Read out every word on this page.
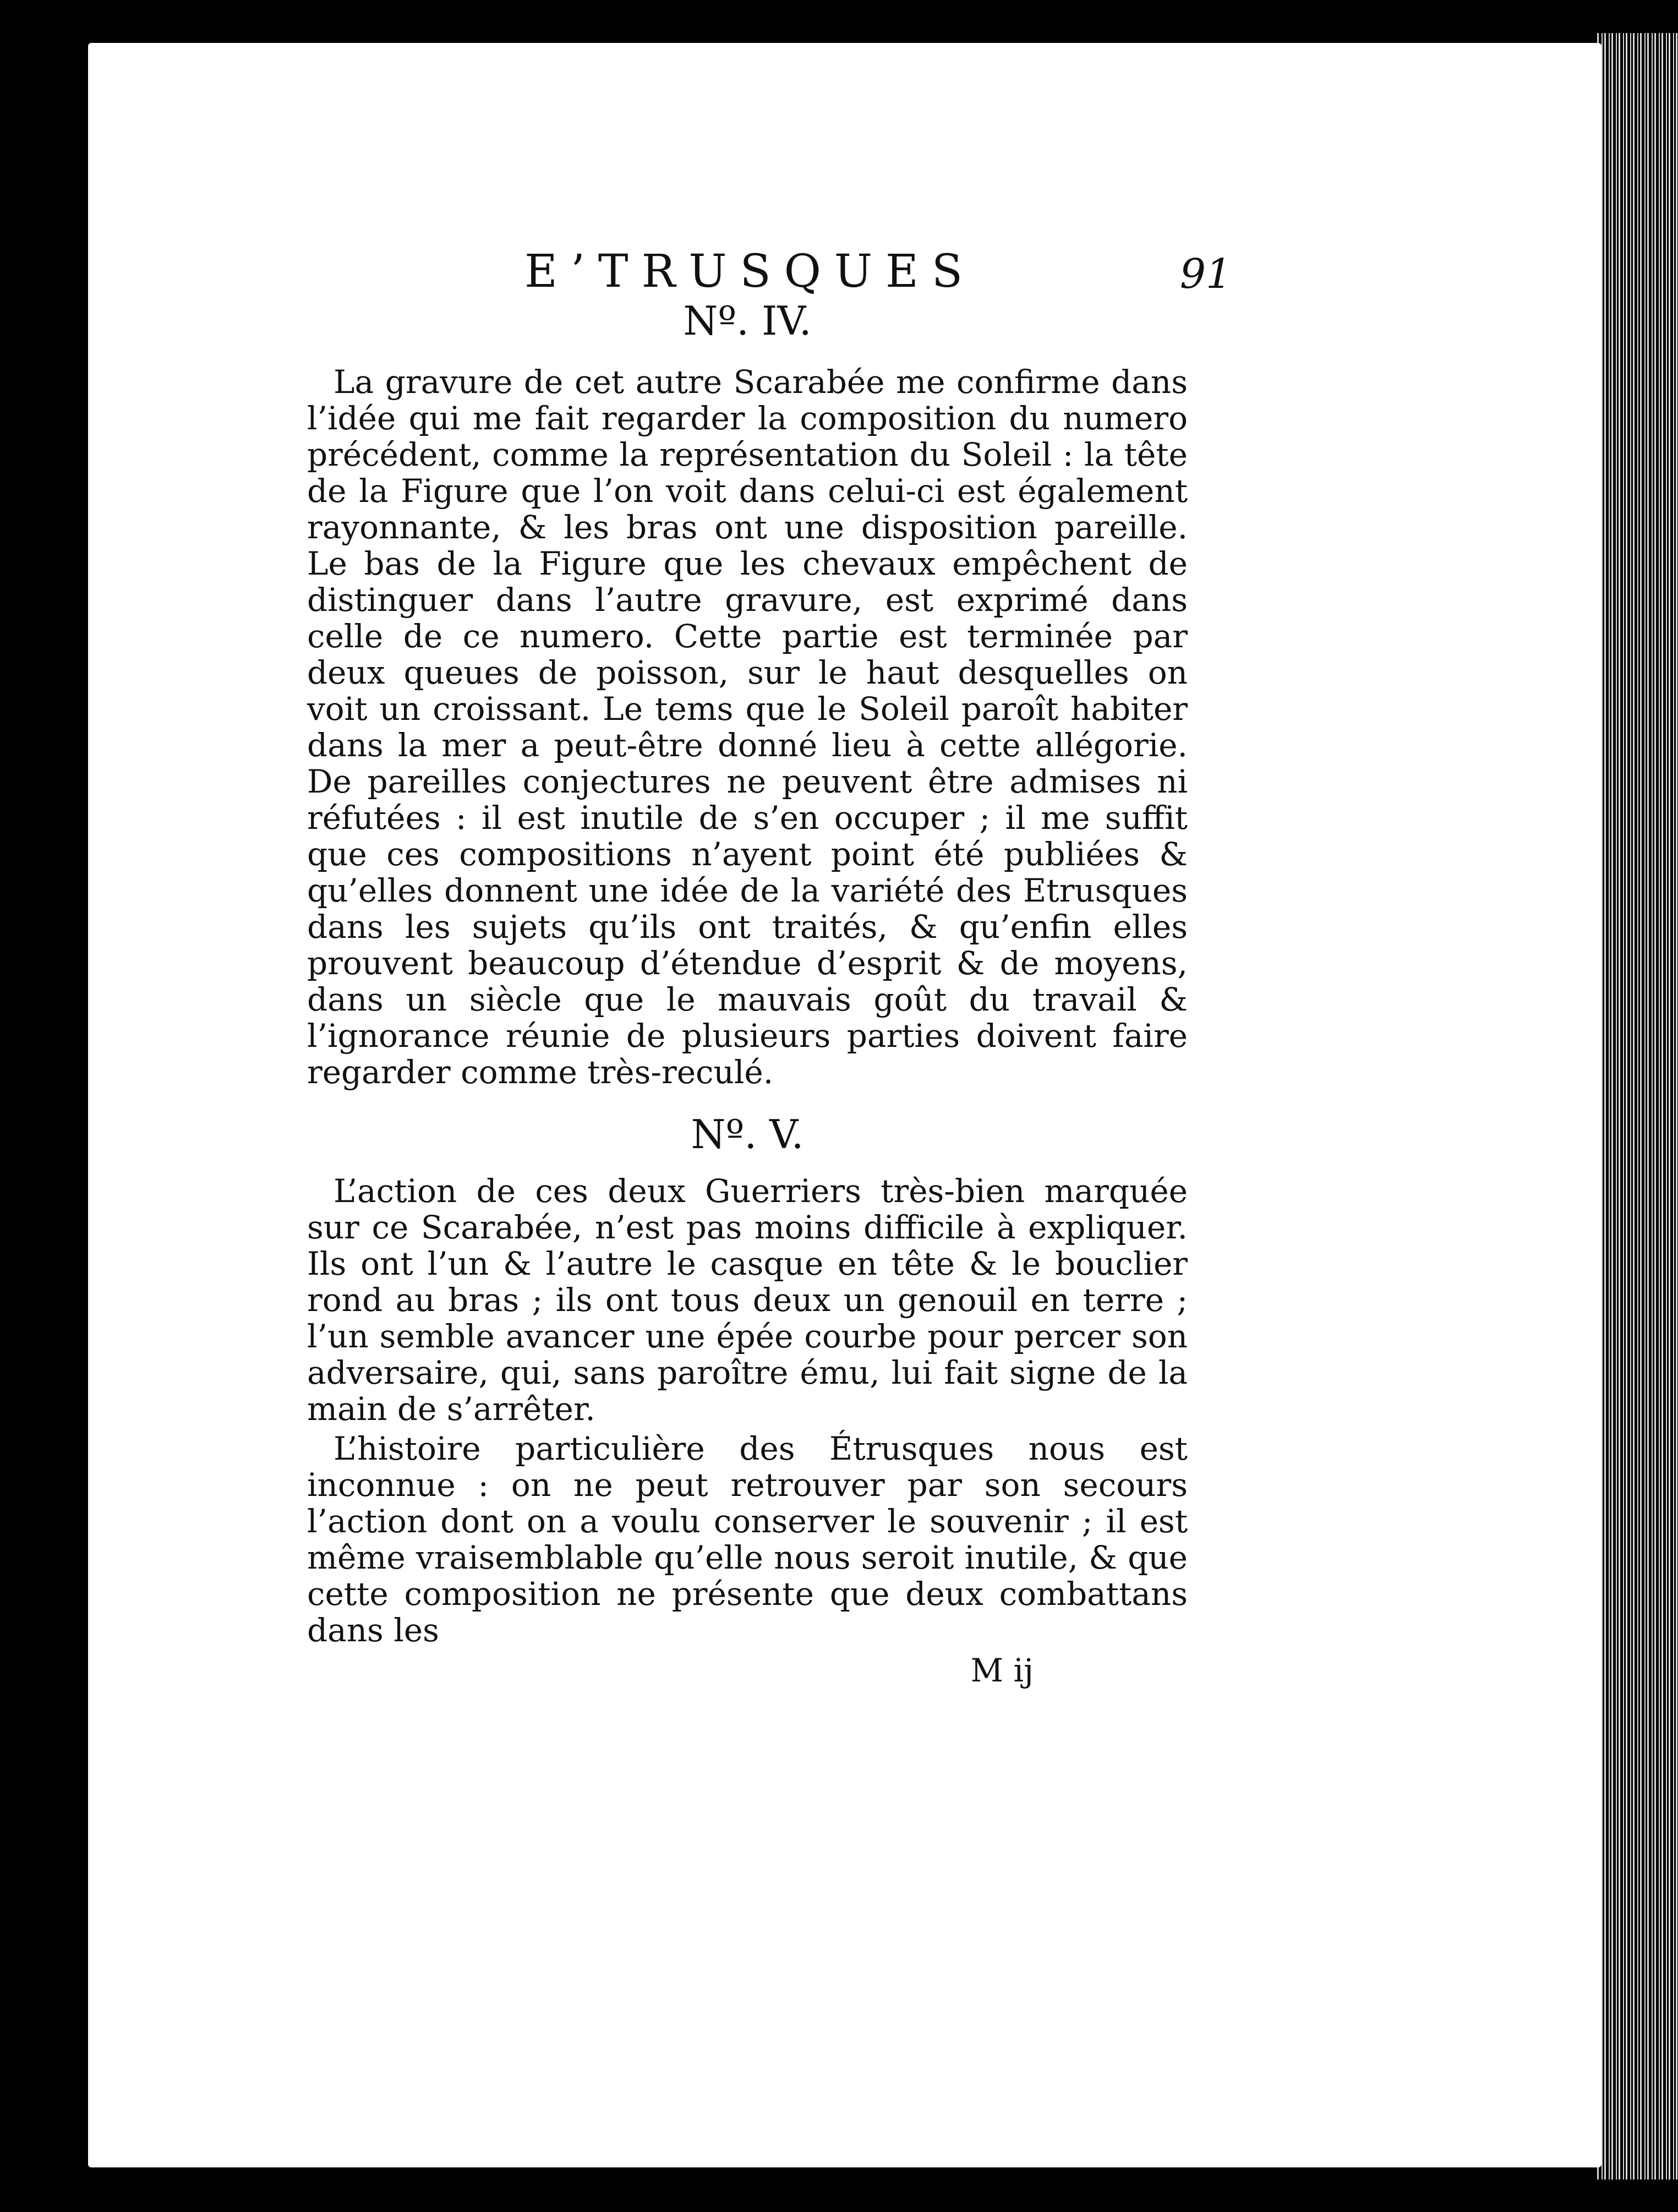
E’TRUSQUES	91
Nº. IV.

La gravure de cet autre Scarabée me confirme dans l’idée qui me fait regarder la composition du numero précédent, comme la représentation du Soleil : la tête de la Figure que l’on voit dans celui-ci est également rayonnante, & les bras ont une disposition pareille. Le bas de la Figure que les chevaux empêchent de distinguer dans l’autre gravure, est exprimé dans celle de ce numero. Cette partie est terminée par deux queues de poisson, sur le haut desquelles on voit un croissant. Le tems que le Soleil paroît habiter dans la mer a peut-être donné lieu à cette allégorie. De pareilles conjectures ne peuvent être admises ni réfutées : il est inutile de s’en occuper ; il me suffit que ces compositions n’ayent point été publiées & qu’elles donnent une idée de la variété des Etrusques dans les sujets qu’ils ont traités, & qu’enfin elles prouvent beaucoup d’étendue d’esprit & de moyens, dans un siècle que le mauvais goût du travail & l’ignorance réunie de plusieurs parties doivent faire regarder comme très-reculé.

Nº. V.

L’action de ces deux Guerriers très-bien marquée sur ce Scarabée, n’est pas moins difficile à expliquer. Ils ont l’un & l’autre le casque en tête & le bouclier rond au bras ; ils ont tous deux un genouil en terre ; l’un semble avancer une épée courbe pour percer son adversaire, qui, sans paroître ému, lui fait signe de la main de s’arrêter.

L’histoire particulière des Étrusques nous est inconnue : on ne peut retrouver par son secours l’action dont on a voulu conserver le souvenir ; il est même vraisemblable qu’elle nous seroit inutile, & que cette composition ne présente que deux combattans dans les

M ij
